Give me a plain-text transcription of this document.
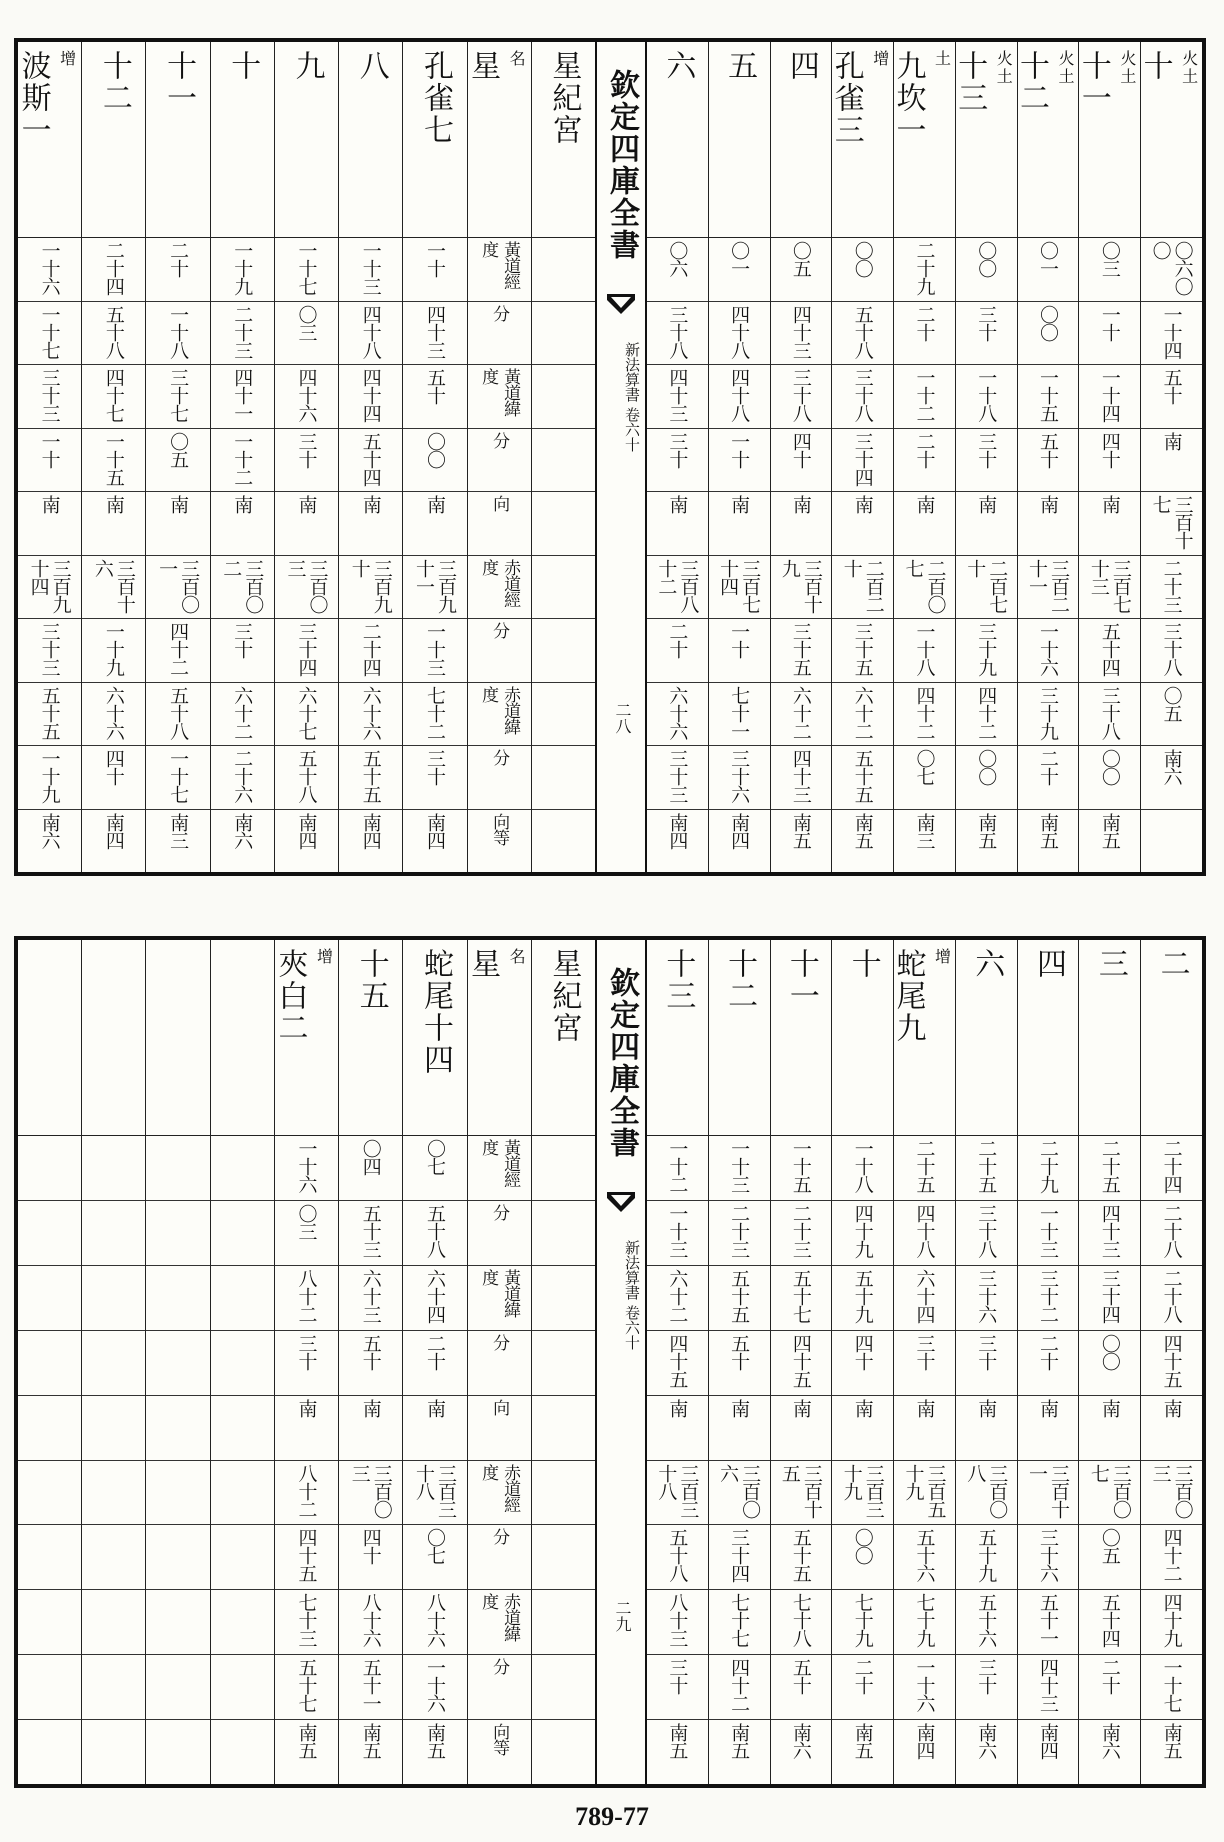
十 火土
〇六〇〇
一十四
五十
南
三百十七
二十三
三十八
〇五
南六
十一 火土
〇三
一十
一十四
四十
南
三百七十三
五十四
三十八
〇〇
南五
十二 火土
〇一
〇〇
一十五
五十
南
三百二十一
一十六
三十九
二十
南五
十三 火土
〇〇
三十
一十八
三十
南
二百七十
三十九
四十二
〇〇
南五
九坎一 土
二十九
二十
一十二
二十
南
二百〇七
一十八
四十二
〇七
南三
孔雀三 增
〇〇
五十八
三十八
三十四
南
二百二十
三十五
六十二
五十五
南五
四
〇五
四十三
三十八
四十
南
三百十九
三十五
六十二
四十三
南五
五
〇一
四十八
四十八
一十
南
三百七十四
一十
七十一
三十六
南四
六
〇六
三十八
四十三
三十
南
三百八十二
二十
六十六
三十三
南四
欽定四庫全書
新法算書 卷六十
二八
星紀宮
星 名
黃道經度
分
黃道緯度
分
向
赤道經度
分
赤道緯度
分
向等
孔雀七
一十
四十三
五十
〇〇
南
三百九十一
一十三
七十二
三十
南四
八
一十三
四十八
四十四
五十四
南
三百九十
二十四
六十六
五十五
南四
九
一十七
〇三
四十六
三十
南
三百〇三
三十四
六十七
五十八
南四
十
一十九
二十三
四十一
一十二
南
三百〇二
三十
六十二
二十六
南六
十一
二十
一十八
三十七
〇五
南
三百〇一
四十二
五十八
一十七
南三
十二
二十四
五十八
四十七
一十五
南
三百十六
一十九
六十六
四十
南四
波斯一 增
一十六
一十七
三十三
一十
南
三百九十四
三十三
五十五
一十九
南六
二
二十四
二十八
二十八
四十五
南
三百〇三
四十二
四十九
一十七
南五
三
二十五
四十三
三十四
〇〇
南
三百〇七
〇五
五十四
二十
南六
四
二十九
一十三
三十二
二十
南
三百十一
三十六
五十一
四十三
南四
六
二十五
三十八
三十六
三十
南
三百〇八
五十九
五十六
三十
南六
蛇尾九 增
二十五
四十八
六十四
三十
南
三百五十九
五十六
七十九
一十六
南四
十
一十八
四十九
五十九
四十
南
三百三十九
〇〇
七十九
二十
南五
十一
一十五
二十三
五十七
四十五
南
三百十五
五十五
七十八
五十
南六
十二
一十三
二十三
五十五
五十
南
三百〇六
三十四
七十七
四十二
南五
十三
一十二
一十三
六十二
四十五
南
三百三十八
五十八
八十三
三十
南五
欽定四庫全書
新法算書 卷六十
二九
星紀宮
星 名
黃道經度
分
黃道緯度
分
向
赤道經度
分
赤道緯度
分
向等
蛇尾十四
〇七
五十八
六十四
二十
南
三百三十八
〇七
八十六
一十六
南五
十五
〇四
五十三
六十三
五十
南
三百〇三
四十
八十六
五十一
南五
夾白二 增
一十六
〇三
八十二
三十
南
八十二
四十五
七十三
五十七
南五
789-77
